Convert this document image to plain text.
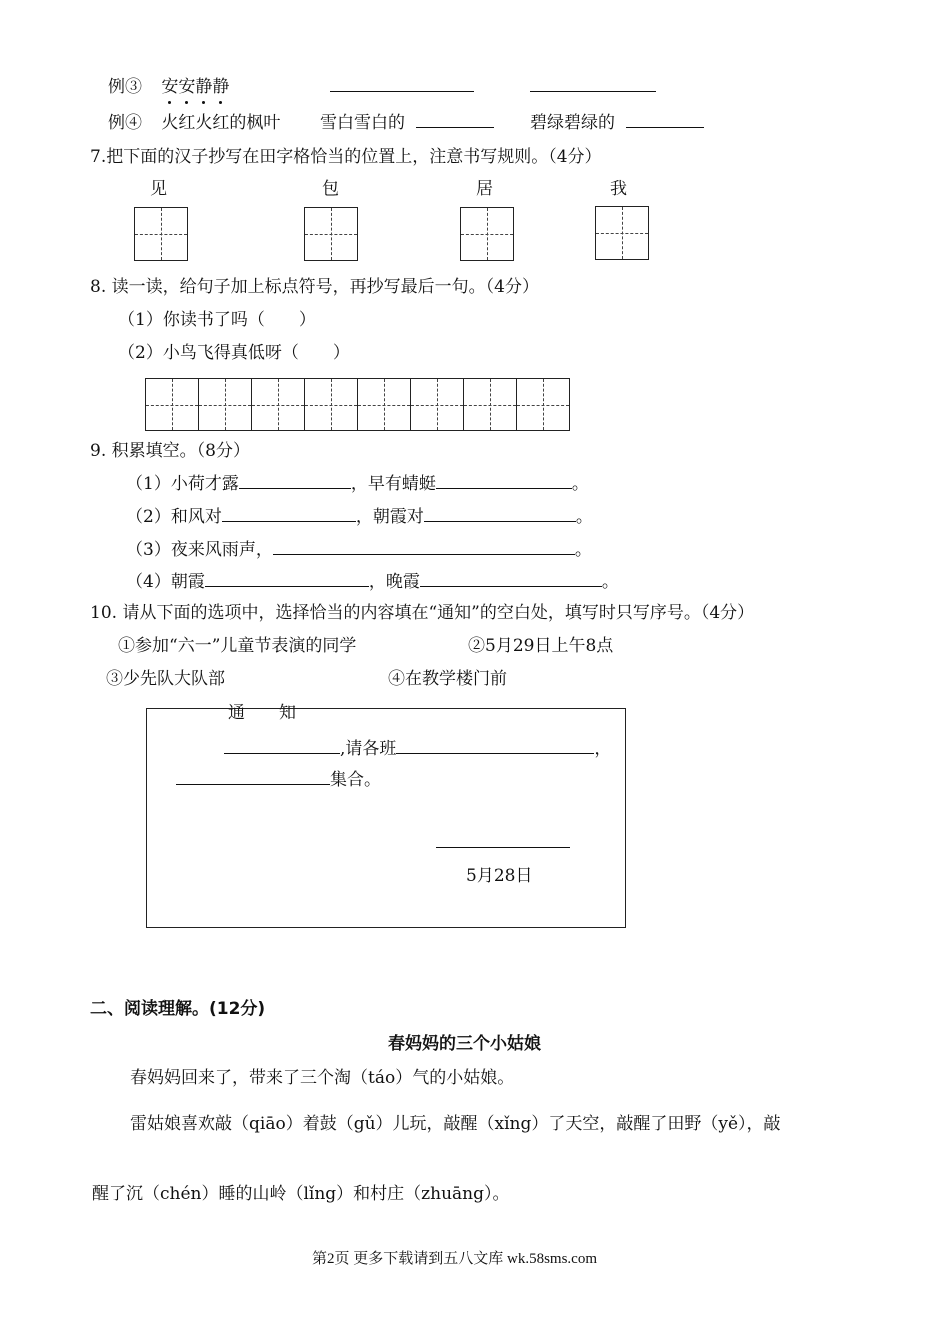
例③ 安安静静
例④ 火红火红的枫叶 雪白雪白的	碧绿碧绿的
7.把下面的汉子抄写在田字格恰当的位置上，注意书写规则。（4分）
见	包	居	我
8. 读一读，给句子加上标点符号，再抄写最后一句。（4分）
（1）你读书了吗（　　）
（2）小鸟飞得真低呀（　　）
9. 积累填空。（8分）
（1）小荷才露	，早有蜻蜓	。
（2）和风对	，朝霞对	。
（3）夜来风雨声，	。
（4）朝霞	，晚霞	。
10. 请从下面的选项中，选择恰当的内容填在“通知”的空白处，填写时只写序号。（4分）
①参加“六一”儿童节表演的同学	②5月29日上午8点
③少先队大队部	④在教学楼门前
通　　知
,请各班	，
集合。
5月28日
二、阅读理解。(12分)
春妈妈的三个小姑娘
春妈妈回来了，带来了三个淘（táo）气的小姑娘。
雷姑娘喜欢敲（qiāo）着鼓（gǔ）儿玩，敲醒（xǐng）了天空，敲醒了田野（yě），敲
醒了沉（chén）睡的山岭（lǐng）和村庄（zhuāng）。
第2页 更多下载请到五八文库 wk.58sms.com
